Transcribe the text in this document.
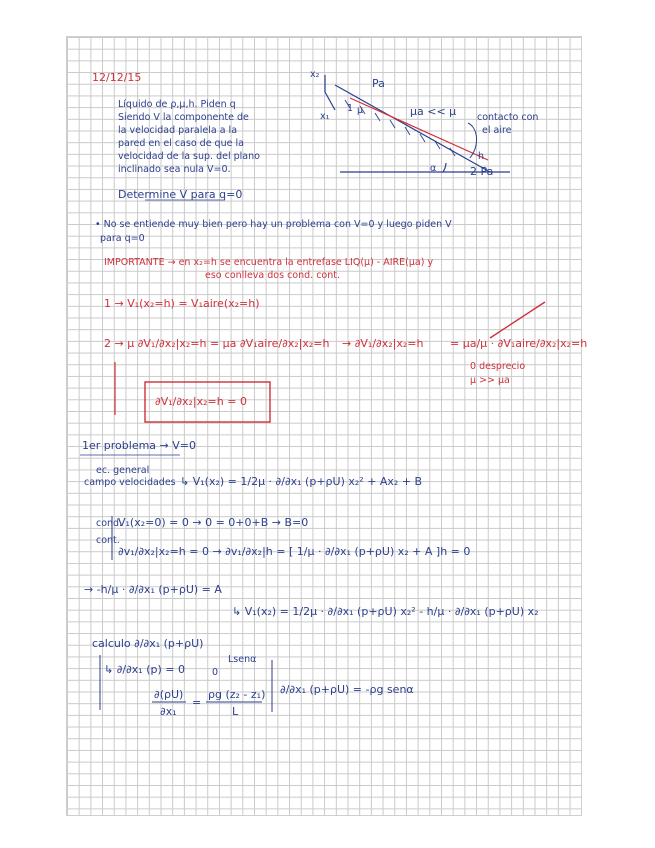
12/12/15
Líquido de ρ,μ,h. Piden q
Siendo V la componente de
la velocidad paralela a la
pared en el caso de que la
velocidad de la sup. del plano
inclinado sea nula V=0.
Determine V para q=0
x₂
x₁
Pa
1 μ	μa << μ contacto con
el aire
h
2 Pa
α
• No se entiende muy bien pero hay un problema con V=0 y luego piden V
para q=0
IMPORTANTE → en x₂=h se encuentra la entrefase LIQ(μ) - AIRE(μa) y
eso conlleva dos cond. cont.
1 → V₁(x₂=h) = V₁aire(x₂=h)
2 → μ ∂V₁/∂x₂|x₂=h = μa ∂V₁aire/∂x₂|x₂=h → ∂V₁/∂x₂|x₂=h = μa/μ · ∂V₁aire/∂x₂|x₂=h
0 desprecio
μ >> μa
∂V₁/∂x₂|x₂=h = 0
1er problema → V=0
ec. general
campo velocidades ↳ V₁(x₂) = 1/2μ · ∂/∂x₁ (p+ρU) x₂² + Ax₂ + B
cond.
V₁(x₂=0) = 0 → 0 = 0+0+B → B=0
cont.
∂v₁/∂x₂|x₂=h = 0 → ∂v₁/∂x₂|h = [ 1/μ · ∂/∂x₁ (p+ρU) x₂ + A ]h = 0
→ -h/μ · ∂/∂x₁ (p+ρU) = A
↳ V₁(x₂) = 1/2μ · ∂/∂x₁ (p+ρU) x₂² - h/μ · ∂/∂x₁ (p+ρU) x₂
calculo ∂/∂x₁ (p+ρU)
↳ ∂/∂x₁ (p) = 0	0
Lsenα
∂(ρU)
∂x₁
=
ρg (z₂ - z₁)
L
∂/∂x₁ (p+ρU) = -ρg senα
